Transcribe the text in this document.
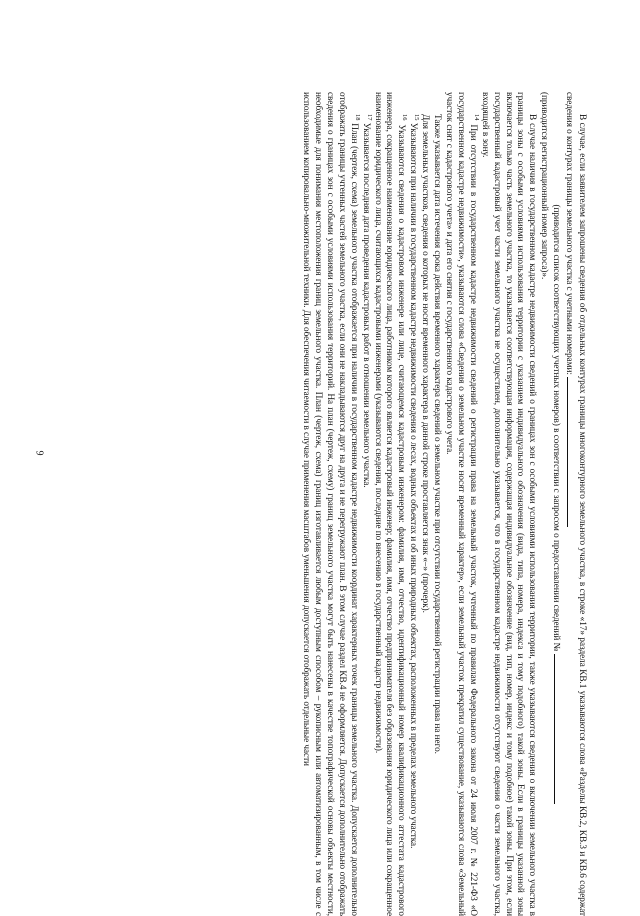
9	В случае, если заявителем запрошены сведения об отдельных контурах границы многоконтурного земельного участка, в строке «17» раздела КВ.1 указываются слова «Разделы КВ.2, КВ.3 и КВ.6 содержат сведения о контурах границы земельного участка с учетными номерами:

(приводится список соответствующих учетных номеров) в соответствии с запросом о предоставлении сведений №

(приводится регистрационный номер запроса)».

В случае наличия в государственном кадастре недвижимости сведений о границах зон с особыми условиями использования территории, также указываются сведения о включении земельного участка в границы зоны с особыми условиями использования территории с указанием индивидуального обозначения (вида, типа, номера, индекса и тому подобного) такой зоны. Если в границы указанной зоны включается только часть земельного участка, то указывается соответствующая информация, содержащая индивидуальное обозначение (вид, тип, номер, индекс и тому подобное) такой зоны. При этом, если государственный кадастровый учет части земельного участка не осуществлен, дополнительно указывается, что в государственном кадастре недвижимости отсутствуют сведения о части земельного участка, входящей в зону.

$^{14}$ При отсутствии в государственном кадастре недвижимости сведений о регистрации права на земельный участок, учтенный по правилам Федерального закона от 24 июля 2007 г. № 221-ФЗ «О государственном кадастре недвижимости», указываются слова «Сведения о земельном участке носят временный характер», если земельный участок прекратил существование, указываются слова «Земельный участок снят с кадастрового учета» и дата его снятия с государственного кадастрового учета.

Также указывается дата истечения срока действия временного характера сведений о земельном участке при отсутствии государственной регистрации права на него.

Для земельных участков, сведения о которых не носят временного характера в данной строке проставляется знак «–» (прочерк).

$^{15}$ Указываются при наличии в государственном кадастре недвижимости сведения о лесах, водных объектах и об иных природных объектах, расположенных в пределах земельного участка.

$^{16}$ Указываются сведения о кадастровом инженере или лице, считающемся кадастровым инженером: фамилия, имя, отчество, идентификационный номер квалификационного аттестата кадастрового инженера, сокращенное наименование юридического лица, работником которого является кадастровый инженер; фамилия, имя, отчество предпринимателя без образования юридического лица или сокращенное наименование юридического лица, считающихся кадастровыми инженерами (указываются сведения, последние по внесению в государственный кадастр недвижимости).

$^{17}$ Указывается последняя дата проведения кадастровых работ в отношении земельного участка.

$^{18}$ План (чертеж, схема) земельного участка отображается при наличии в государственном кадастре недвижимости координат характерных точек границы земельного участка. Допускается дополнительно отображать границы учтенных частей земельного участка, если они не накладываются друг на друга и не перегружают план. В этом случае раздел КВ.4 не оформляется. Допускается дополнительно отображать сведения о границах зон с особыми условиями использования территорий. На план (чертеж, схему) границ земельного участка могут быть нанесены в качестве топографической основы объекты местности, необходимые для понимания местоположения границ земельного участка. План (чертеж, схема) границ изготавливается любым доступным способом – рукописным или автоматизированным, в том числе с использованием копировально-множительной техники. Для обеспечения читаемости в случае применения масштабов уменьшения допускается отображать отдельные части
